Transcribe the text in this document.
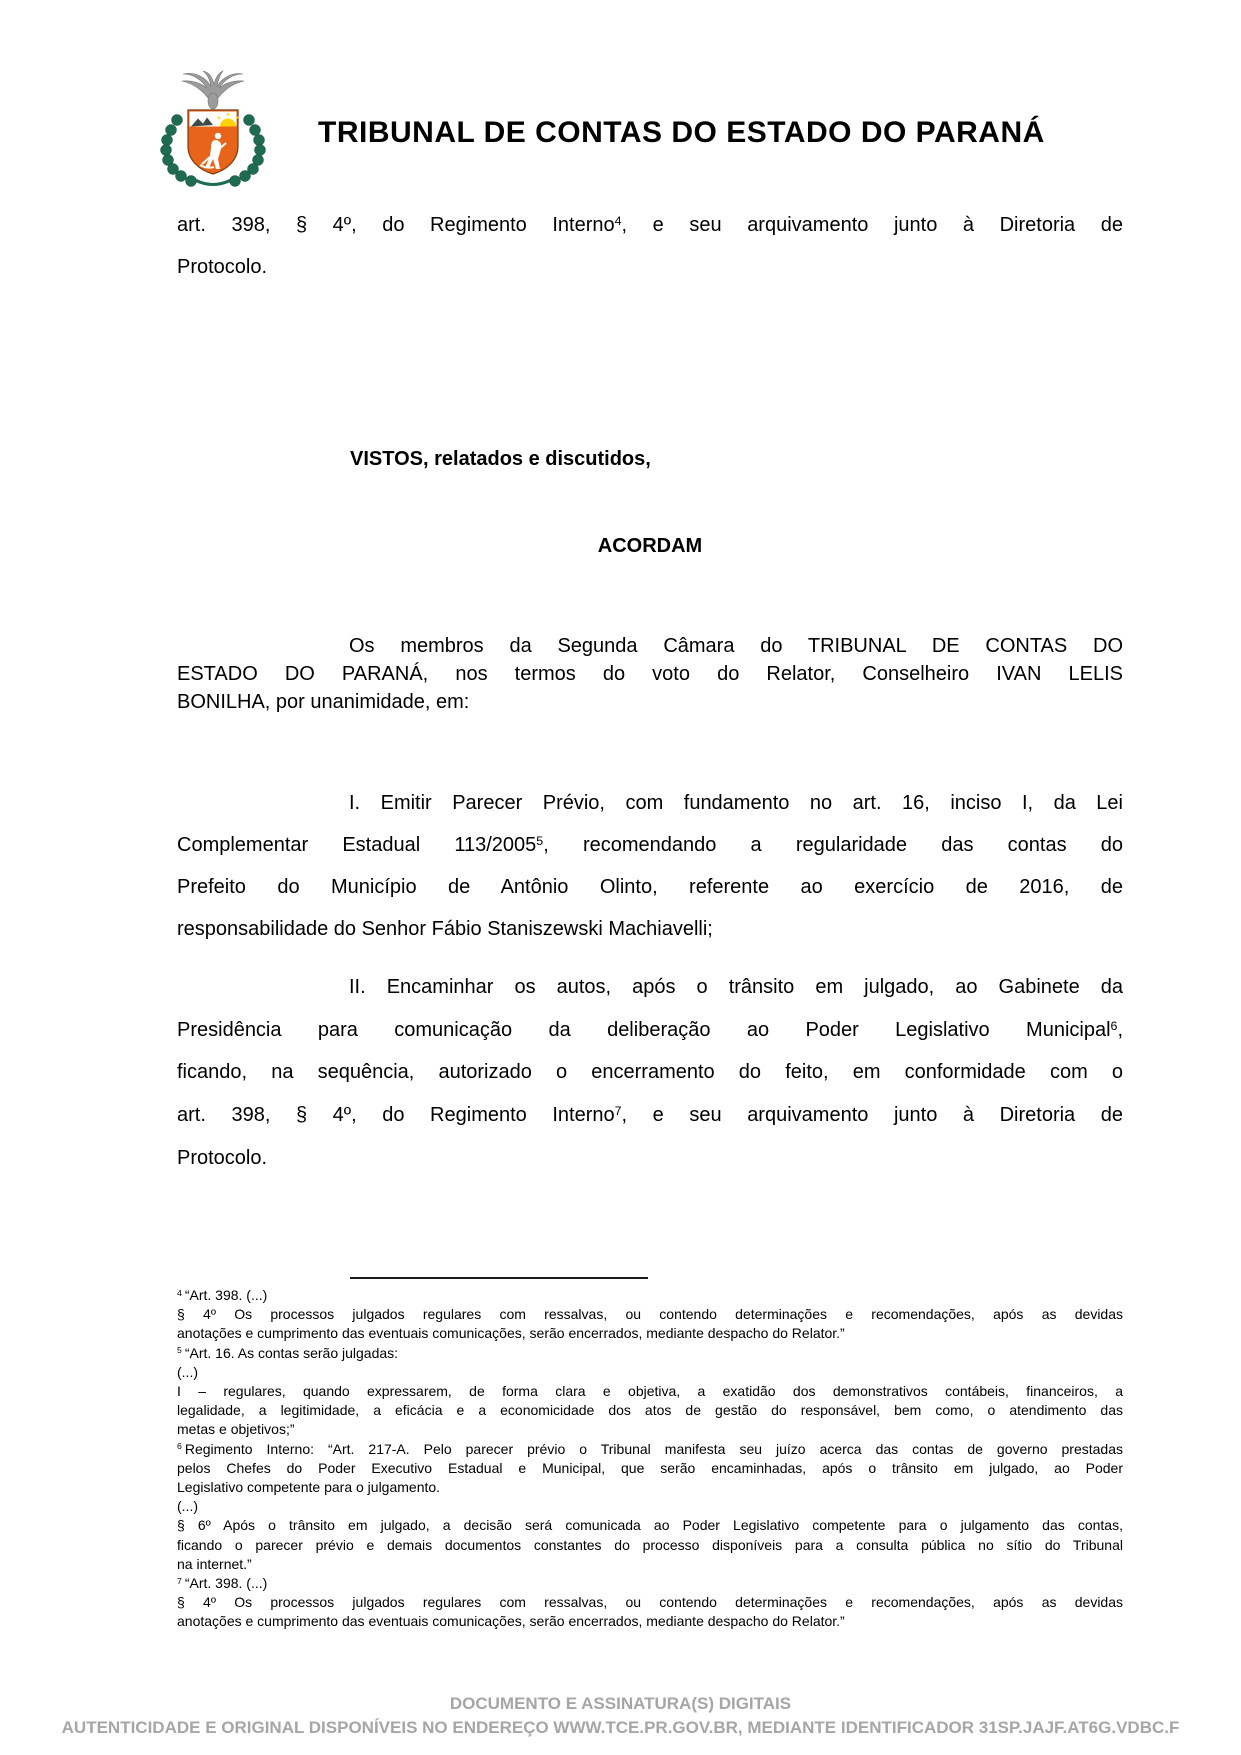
TRIBUNAL DE CONTAS DO ESTADO DO PARANÁ
art. 398, § 4º, do Regimento Interno$^4$, e seu arquivamento junto à Diretoria de
Protocolo.
VISTOS, relatados e discutidos,
ACORDAM
Os membros da Segunda Câmara do TRIBUNAL DE CONTAS DO
ESTADO DO PARANÁ, nos termos do voto do Relator, Conselheiro IVAN LELIS
BONILHA, por unanimidade, em:
I. Emitir Parecer Prévio, com fundamento no art. 16, inciso I, da Lei
Complementar Estadual 113/2005$^5$, recomendando a regularidade das contas do
Prefeito do Município de Antônio Olinto, referente ao exercício de 2016, de
responsabilidade do Senhor Fábio Staniszewski Machiavelli;
II. Encaminhar os autos, após o trânsito em julgado, ao Gabinete da
Presidência para comunicação da deliberação ao Poder Legislativo Municipal$^6$,
ficando, na sequência, autorizado o encerramento do feito, em conformidade com o
art. 398, § 4º, do Regimento Interno$^7$, e seu arquivamento junto à Diretoria de
Protocolo.
$^4$ “Art. 398. (...)
§ 4º Os processos julgados regulares com ressalvas, ou contendo determinações e recomendações, após as devidas
anotações e cumprimento das eventuais comunicações, serão encerrados, mediante despacho do Relator.”
$^5$ “Art. 16. As contas serão julgadas:
(...)
I – regulares, quando expressarem, de forma clara e objetiva, a exatidão dos demonstrativos contábeis, financeiros, a
legalidade, a legitimidade, a eficácia e a economicidade dos atos de gestão do responsável, bem como, o atendimento das
metas e objetivos;”
$^6$ Regimento Interno: “Art. 217-A. Pelo parecer prévio o Tribunal manifesta seu juízo acerca das contas de governo prestadas
pelos Chefes do Poder Executivo Estadual e Municipal, que serão encaminhadas, após o trânsito em julgado, ao Poder
Legislativo competente para o julgamento.
(...)
§ 6º Após o trânsito em julgado, a decisão será comunicada ao Poder Legislativo competente para o julgamento das contas,
ficando o parecer prévio e demais documentos constantes do processo disponíveis para a consulta pública no sítio do Tribunal
na internet.”
$^7$ “Art. 398. (...)
§ 4º Os processos julgados regulares com ressalvas, ou contendo determinações e recomendações, após as devidas
anotações e cumprimento das eventuais comunicações, serão encerrados, mediante despacho do Relator.”
DOCUMENTO E ASSINATURA(S) DIGITAIS
AUTENTICIDADE E ORIGINAL DISPONÍVEIS NO ENDEREÇO WWW.TCE.PR.GOV.BR, MEDIANTE IDENTIFICADOR 31SP.JAJF.AT6G.VDBC.F
